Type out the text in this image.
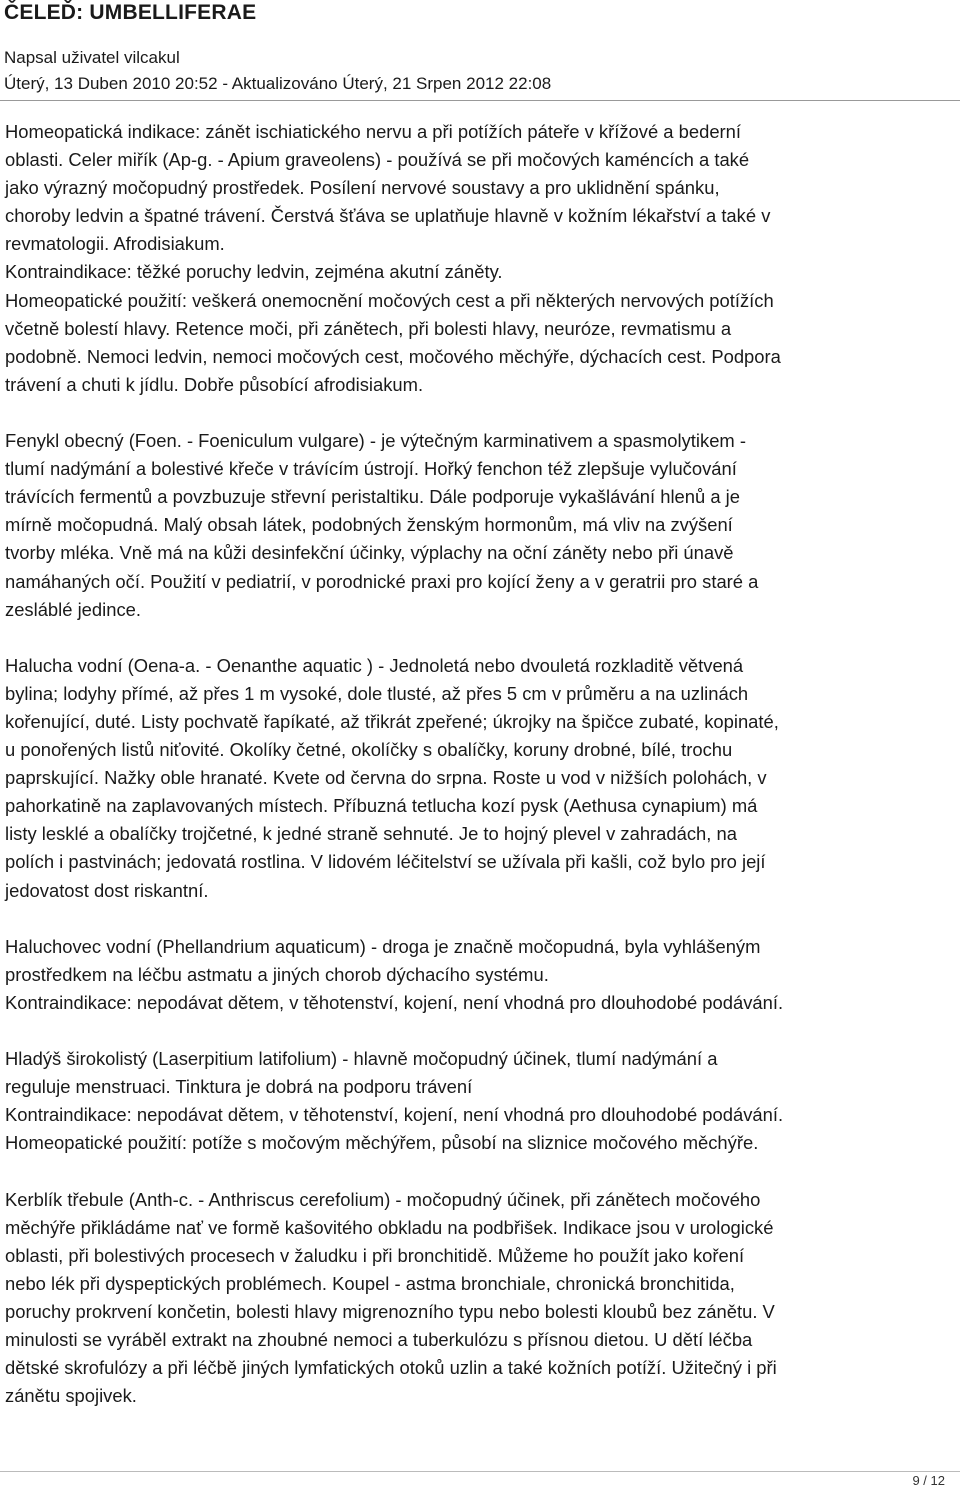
ČELEĎ: UMBELLIFERAE
Napsal uživatel vilcakul
Úterý, 13 Duben 2010 20:52 - Aktualizováno Úterý, 21 Srpen 2012 22:08

Homeopatická indikace: zánět ischiatického nervu a při potížích páteře v křížové a bederní
oblasti. Celer miřík (Ap-g. - Apium graveolens) - používá se při močových kaméncích a také
jako výrazný močopudný prostředek. Posílení nervové soustavy a pro uklidnění spánku,
choroby ledvin a špatné trávení. Čerstvá šťáva se uplatňuje hlavně v kožním lékařství a také v
revmatologii. Afrodisiakum.
Kontraindikace: těžké poruchy ledvin, zejména akutní záněty.
Homeopatické použití: veškerá onemocnění močových cest a při některých nervových potížích
včetně bolestí hlavy. Retence moči, při zánětech, při bolesti hlavy, neuróze, revmatismu a
podobně. Nemoci ledvin, nemoci močových cest, močového měchýře, dýchacích cest. Podpora
trávení a chuti k jídlu. Dobře působící afrodisiakum.

Fenykl obecný (Foen. - Foeniculum vulgare) - je výtečným karminativem a spasmolytikem -
tlumí nadýmání a bolestivé křeče v trávícím ústrojí. Hořký fenchon též zlepšuje vylučování
trávících fermentů a povzbuzuje střevní peristaltiku. Dále podporuje vykašlávání hlenů a je
mírně močopudná. Malý obsah látek, podobných ženským hormonům, má vliv na zvýšení
tvorby mléka. Vně má na kůži desinfekční účinky, výplachy na oční záněty nebo při únavě
namáhaných očí. Použití v pediatrií, v porodnické praxi pro kojící ženy a v geratrii pro staré a
zesláblé jedince.

Halucha vodní (Oena-a. - Oenanthe aquatic ) - Jednoletá nebo dvouletá rozkladitě větvená
bylina; lodyhy přímé, až přes 1 m vysoké, dole tlusté, až přes 5 cm v průměru a na uzlinách
kořenující, duté. Listy pochvatě řapíkaté, až třikrát zpeřené; úkrojky na špičce zubaté, kopinaté,
u ponořených listů niťovité. Okolíky četné, okolíčky s obalíčky, koruny drobné, bílé, trochu
paprskující. Nažky oble hranaté. Kvete od června do srpna. Roste u vod v nižších polohách, v
pahorkatině na zaplavovaných místech. Příbuzná tetlucha kozí pysk (Aethusa cynapium) má
listy lesklé a obalíčky trojčetné, k jedné straně sehnuté. Je to hojný plevel v zahradách, na
polích i pastvinách; jedovatá rostlina. V lidovém léčitelství se užívala při kašli, což bylo pro její
jedovatost dost riskantní.

Haluchovec vodní (Phellandrium aquaticum) - droga je značně močopudná, byla vyhlášeným
prostředkem na léčbu astmatu a jiných chorob dýchacího systému.
Kontraindikace: nepodávat dětem, v těhotenství, kojení, není vhodná pro dlouhodobé podávání.

Hladýš širokolistý (Laserpitium latifolium) - hlavně močopudný účinek, tlumí nadýmání a
reguluje menstruaci. Tinktura je dobrá na podporu trávení
Kontraindikace: nepodávat dětem, v těhotenství, kojení, není vhodná pro dlouhodobé podávání.
Homeopatické použití: potíže s močovým měchýřem, působí na sliznice močového měchýře.

Kerblík třebule (Anth-c. - Anthriscus cerefolium) - močopudný účinek, při zánětech močového
měchýře přikládáme nať ve formě kašovitého obkladu na podbřišek. Indikace jsou v urologické
oblasti, při bolestivých procesech v žaludku i při bronchitidě. Můžeme ho použít jako koření
nebo lék při dyspeptických problémech. Koupel - astma bronchiale, chronická bronchitida,
poruchy prokrvení končetin, bolesti hlavy migrenozního typu nebo bolesti kloubů bez zánětu. V
minulosti se vyráběl extrakt na zhoubné nemoci a tuberkulózu s přísnou dietou. U dětí léčba
dětské skrofulózy a při léčbě jiných lymfatických otoků uzlin a také kožních potíží. Užitečný i při
zánětu spojivek.

9 / 12
